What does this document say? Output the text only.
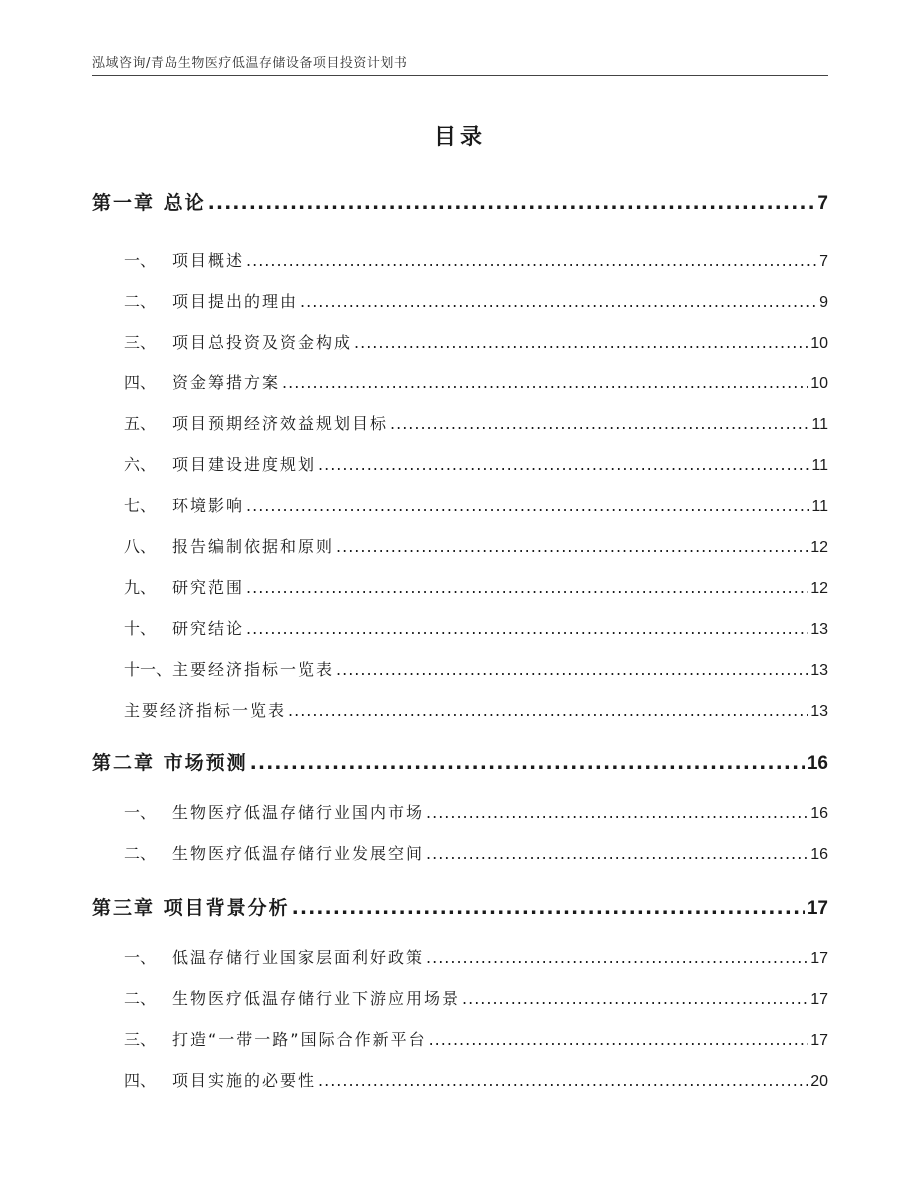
泓域咨询/青岛生物医疗低温存储设备项目投资计划书
目录
第一章 总论 .....	7
一、 项目概述 .....	7
二、 项目提出的理由 .....	9
三、 项目总投资及资金构成 .....	10
四、 资金筹措方案 .....	10
五、 项目预期经济效益规划目标 .....	11
六、 项目建设进度规划 .....	11
七、 环境影响 .....	11
八、 报告编制依据和原则 .....	12
九、 研究范围 .....	12
十、 研究结论 .....	13
十一、主要经济指标一览表 .....	13
主要经济指标一览表 .....	13
第二章 市场预测 .....	16
一、 生物医疗低温存储行业国内市场 .....	16
二、 生物医疗低温存储行业发展空间 .....	16
第三章 项目背景分析 .....	17
一、 低温存储行业国家层面利好政策 .....	17
二、 生物医疗低温存储行业下游应用场景 .....	17
三、 打造“一带一路”国际合作新平台 .....	17
四、 项目实施的必要性 .....	20
